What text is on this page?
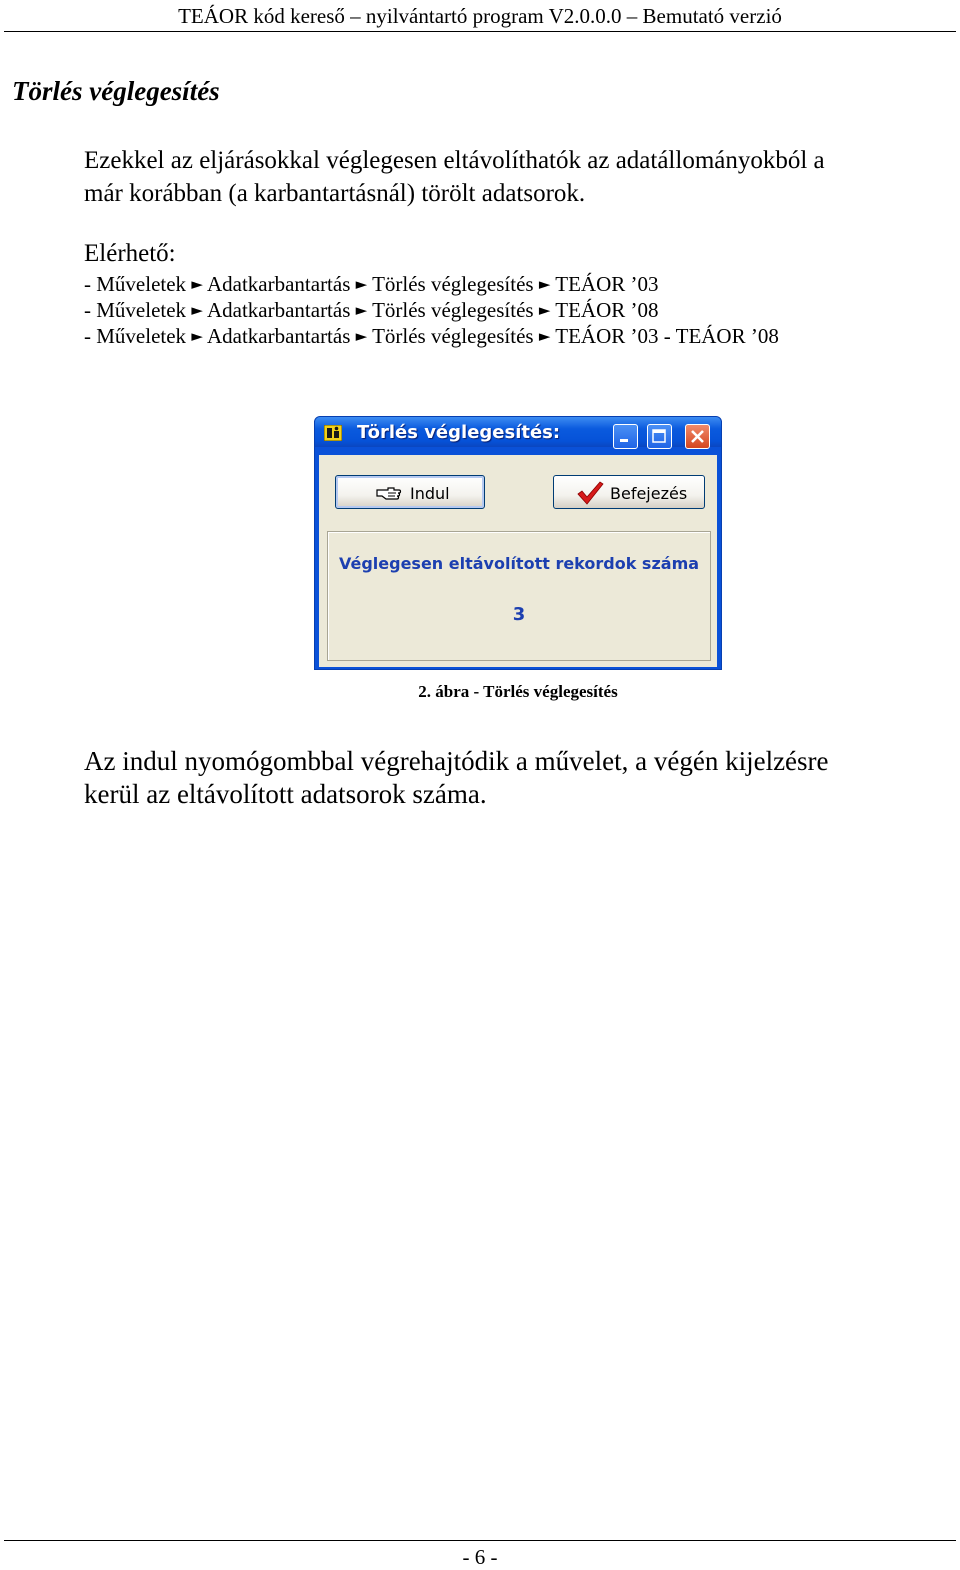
TEÁOR kód kereső – nyilvántartó program V2.0.0.0 – Bemutató verzió
Törlés véglegesítés
Ezekkel az eljárásokkal véglegesen eltávolíthatók az adatállományokból a
már korábban (a karbantartásnál) törölt adatsorok.
Elérhető:
- Műveletek ► Adatkarbantartás ► Törlés véglegesítés ► TEÁOR ’03
- Műveletek ► Adatkarbantartás ► Törlés véglegesítés ► TEÁOR ’08
- Műveletek ► Adatkarbantartás ► Törlés véglegesítés ► TEÁOR ’03 - TEÁOR ’08
Törlés véglegesítés:
Indul	Befejezés
Véglegesen eltávolított rekordok száma
3
2. ábra - Törlés véglegesítés
Az indul nyomógombbal végrehajtódik a művelet, a végén kijelzésre
kerül az eltávolított adatsorok száma.
- 6 -
